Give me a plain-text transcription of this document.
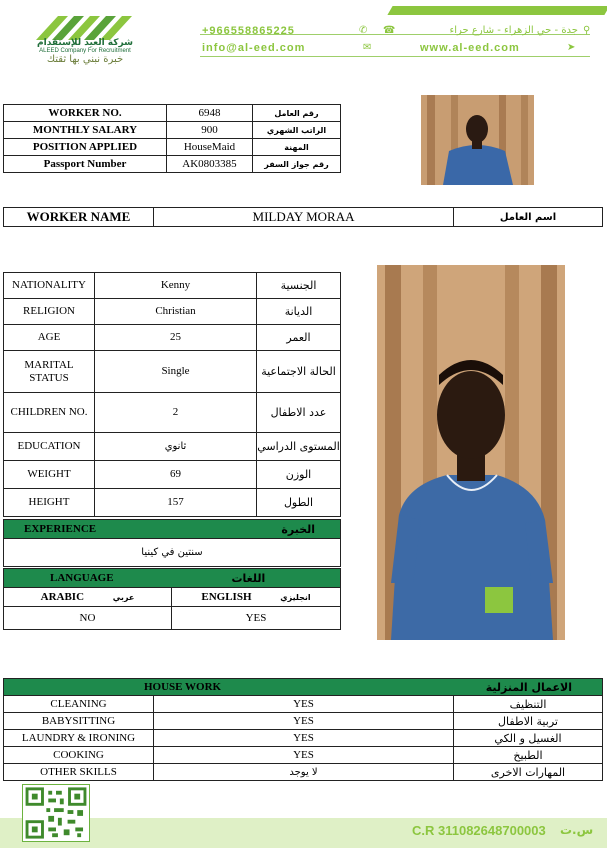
شركة العيد للإستقدام
ALEED Company For Recruitment
خبرة نبني بها ثقتك
+966558865225	✆ ☎	جدة - حي الزهراء - شارع حراء ⚲
info@al-eed.com	✉	www.al-eed.com	➤
WORKER NO.	6948	رقم العامل
MONTHLY SALARY	900	الراتب الشهري
POSITION APPLIED	HouseMaid	المهنة
Passport Number	AK0803385	رقم جواز السفر
WORKER NAME	MILDAY MORAA	اسم العامل
NATIONALITY	Kenny	الجنسية
RELIGION	Christian	الديانة
AGE	25	العمر
MARITAL STATUS	Single	الحالة الاجتماعية
CHILDREN NO.	2	عدد الاطفال
EDUCATION	ثانوي	المستوى الدراسي
WEIGHT	69	الوزن
HEIGHT	157	الطول
EXPERIENCE	الخبرة
سنتين في كينيا
LANGUAGE	اللغات
ARABIC عربي	ENGLISH انجليزي
NO	YES
HOUSE WORK		الاعمال المنزلية
CLEANING	YES	التنظيف
BABYSITTING	YES	تربية الاطفال
LAUNDRY & IRONING	YES	الغسيل و الكي
COOKING	YES	الطبيخ
OTHER SKILLS	لا يوجد	المهارات الاخرى
C.R 311082648700003 س.ت
